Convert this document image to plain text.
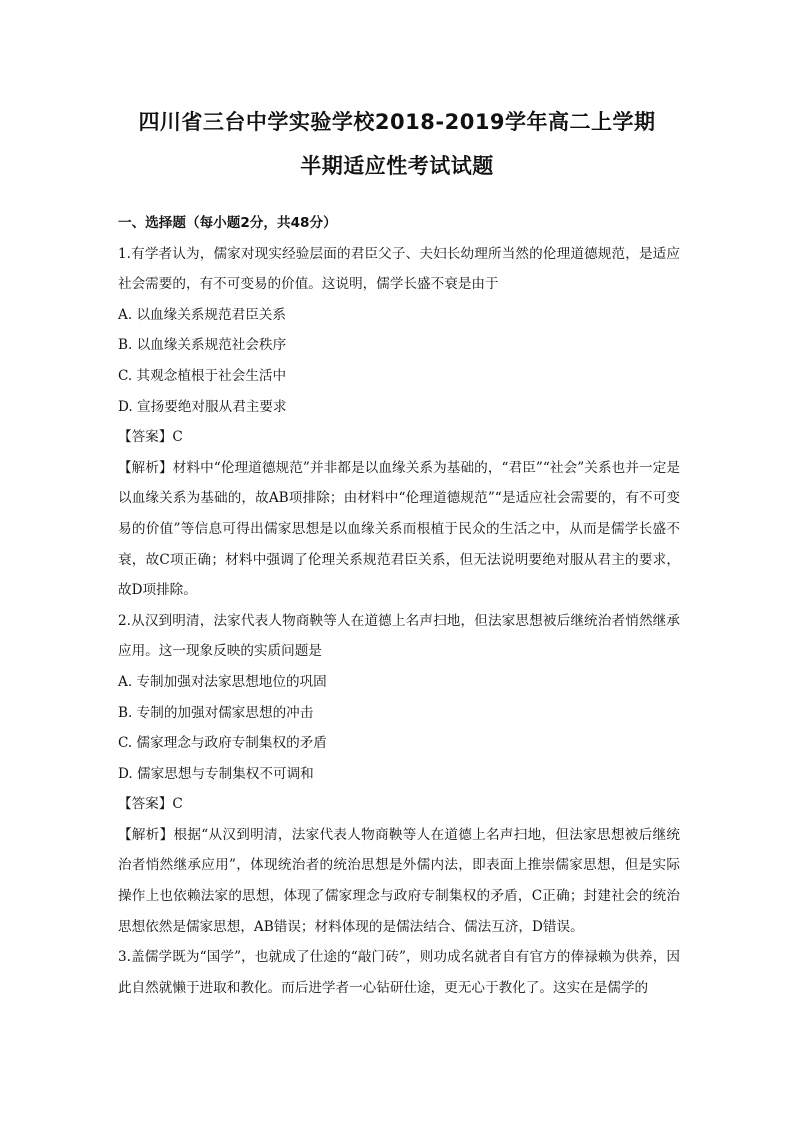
四川省三台中学实验学校2018-2019学年高二上学期
半期适应性考试试题
一、选择题（每小题2分，共48分）

1.有学者认为，儒家对现实经验层面的君臣父子、夫妇长幼理所当然的伦理道德规范，是适应社会需要的，有不可变易的价值。这说明，儒学长盛不衰是由于

A. 以血缘关系规范君臣关系

B. 以血缘关系规范社会秩序

C. 其观念植根于社会生活中

D. 宣扬要绝对服从君主要求

【答案】C

【解析】材料中“伦理道德规范”并非都是以血缘关系为基础的，“君臣”“社会”关系也并一定是以血缘关系为基础的，故AB项排除；由材料中“伦理道德规范”“是适应社会需要的，有不可变易的价值”等信息可得出儒家思想是以血缘关系而根植于民众的生活之中，从而是儒学长盛不衰，故C项正确；材料中强调了伦理关系规范君臣关系，但无法说明要绝对服从君主的要求，故D项排除。

2.从汉到明清，法家代表人物商鞅等人在道德上名声扫地，但法家思想被后继统治者悄然继承应用。这一现象反映的实质问题是

A. 专制加强对法家思想地位的巩固

B. 专制的加强对儒家思想的冲击

C. 儒家理念与政府专制集权的矛盾

D. 儒家思想与专制集权不可调和

【答案】C

【解析】根据“从汉到明清，法家代表人物商鞅等人在道德上名声扫地，但法家思想被后继统治者悄然继承应用”，体现统治者的统治思想是外儒内法，即表面上推崇儒家思想，但是实际操作上也依赖法家的思想，体现了儒家理念与政府专制集权的矛盾，C正确；封建社会的统治思想依然是儒家思想，AB错误；材料体现的是儒法结合、儒法互济，D错误。

3.盖儒学既为“国学”，也就成了仕途的“敲门砖”，则功成名就者自有官方的俸禄赖为供养，因此自然就懒于进取和教化。而后进学者一心钻研仕途，更无心于教化了。这实在是儒学的
